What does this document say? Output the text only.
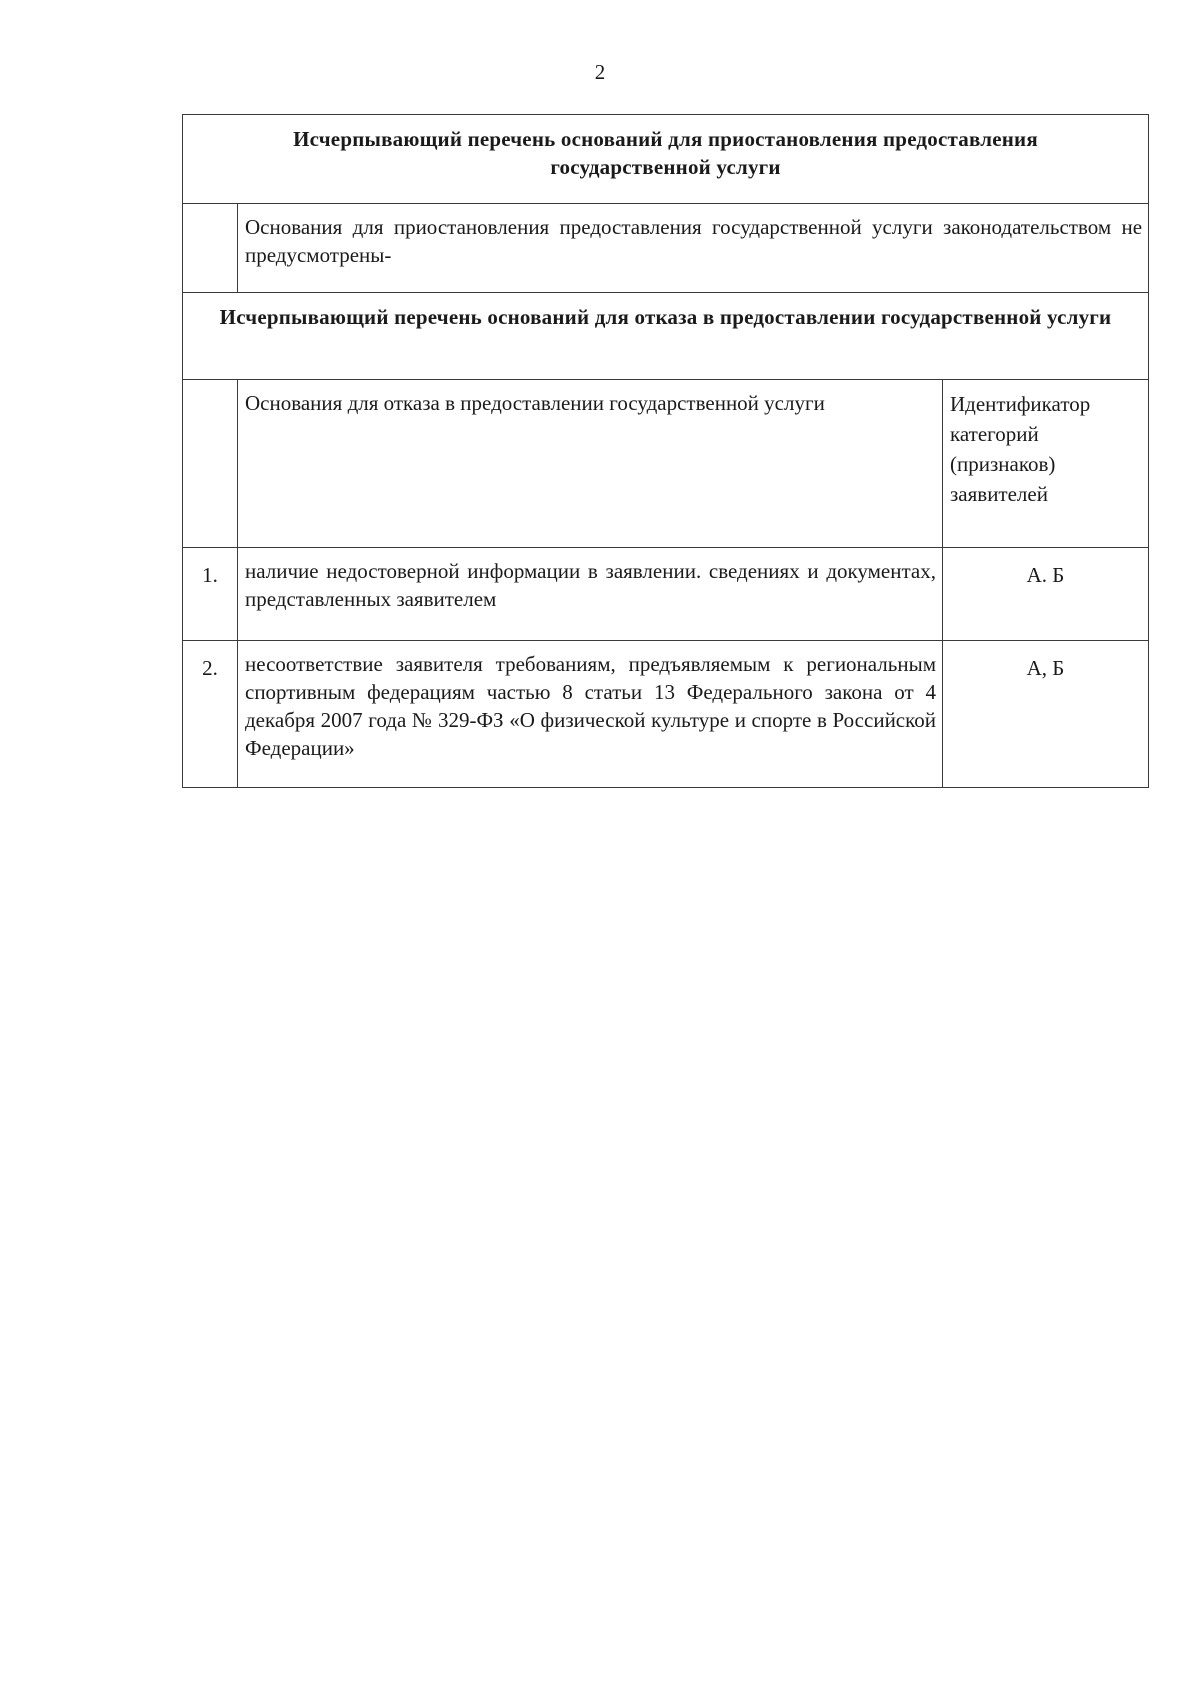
2
Исчерпывающий перечень оснований для приостановления предоставления государственной услуги		
	Основания для приостановления предоставления государственной услуги законодательством не предусмотрены-	
Исчерпывающий перечень оснований для отказа в предоставлении государственной услуги		
	Основания для отказа в предоставлении государственной услуги	Идентификатор категорий (признаков) заявителей
1.	наличие недостоверной информации в заявлении. сведениях и документах, представленных заявителем	А. Б
2.	несоответствие заявителя требованиям, предъявляемым к региональным спортивным федерациям частью 8 статьи 13 Федерального закона от 4 декабря 2007 года № 329-ФЗ «О физической культуре и спорте в Российской Федерации»	А, Б
